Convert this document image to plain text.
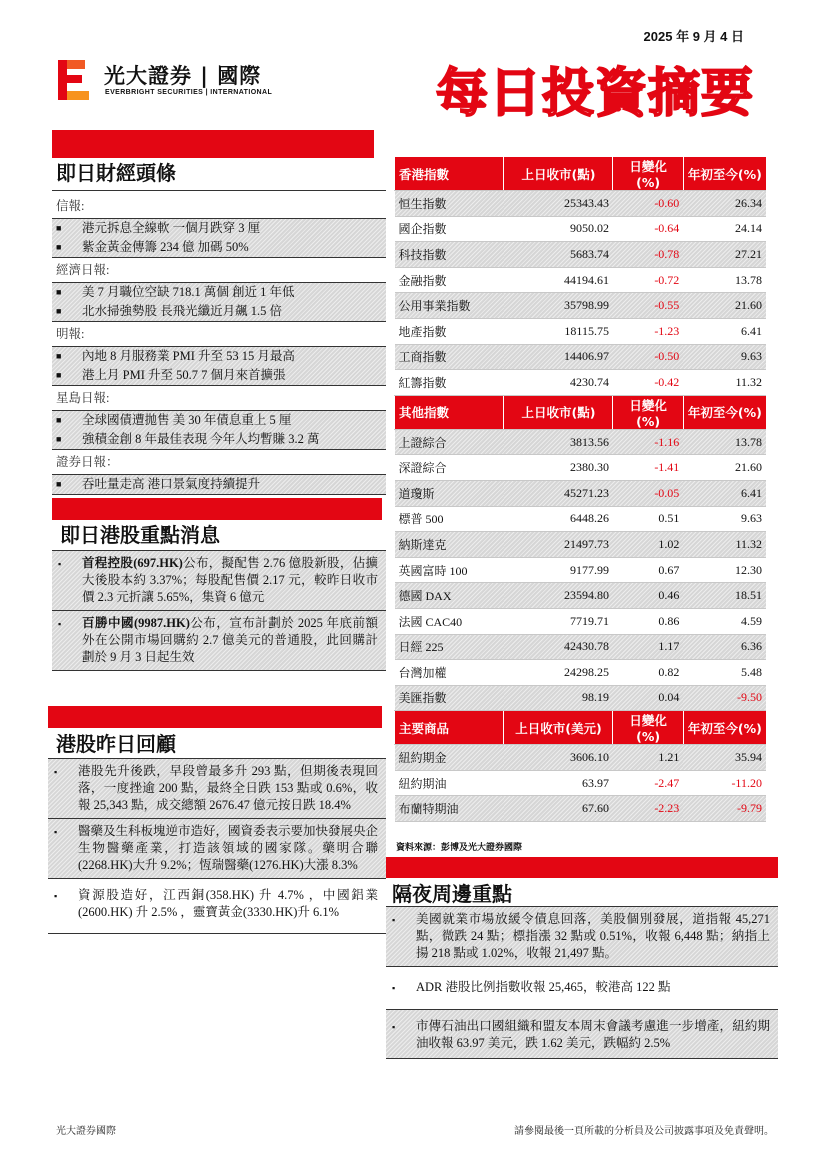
2025 年 9 月 4 日
光大證券 | 國際
EVERBRIGHT SECURITIES | INTERNATIONAL	每日投資摘要
即日財經頭條
信報:
■	港元拆息全線軟 一個月跌穿 3 厘
■	紫金黃金傳籌 234 億 加碼 50%
經濟日報:
■	美 7 月職位空缺 718.1 萬個 創近 1 年低
■	北水掃強勢股 長飛光纖近月飆 1.5 倍
明報:
■	內地 8 月服務業 PMI 升至 53 15 月最高
■	港上月 PMI 升至 50.7 7 個月來首擴張
星島日報:
■	全球國債遭拋售 美 30 年債息重上 5 厘
■	強積金創 8 年最佳表現 今年人均暫賺 3.2 萬
證券日報：
■	吞吐量走高 港口景氣度持續提升
即日港股重點消息
▪	首程控股(697.HK)公布，擬配售 2.76 億股新股，佔擴大後股本約 3.37%；每股配售價 2.17 元，較昨日收市價 2.3 元折讓 5.65%，集資 6 億元
▪	百勝中國(9987.HK)公布，宣布計劃於 2025 年底前額外在公開市場回購約 2.7 億美元的普通股，此回購計劃於 9 月 3 日起生效
港股昨日回顧
▪	港股先升後跌，早段曾最多升 293 點，但期後表現回落，一度挫逾 200 點，最終全日跌 153 點或 0.6%，收報 25,343 點，成交總額 2676.47 億元按日跌 18.4%
▪	醫藥及生科板塊逆市造好，國資委表示要加快發展央企生物醫藥產業，打造該領域的國家隊。藥明合聯(2268.HK)大升 9.2%；恆瑞醫藥(1276.HK)大漲 8.3%
▪	資源股造好，江西銅(358.HK) 升 4.7% ，中國鋁業(2600.HK) 升 2.5% ，靈寶黃金(3330.HK)升 6.1%
香港指數	上日收市(點)	日變化(%)	年初至今(%)
恒生指數	25343.43	-0.60	26.34
國企指數	9050.02	-0.64	24.14
科技指數	5683.74	-0.78	27.21
金融指數	44194.61	-0.72	13.78
公用事業指數	35798.99	-0.55	21.60
地產指數	18115.75	-1.23	6.41
工商指數	14406.97	-0.50	9.63
紅籌指數	4230.74	-0.42	11.32
其他指數	上日收市(點)	日變化(%)	年初至今(%)
上證綜合	3813.56	-1.16	13.78
深證綜合	2380.30	-1.41	21.60
道瓊斯	45271.23	-0.05	6.41
標普 500	6448.26	0.51	9.63
納斯達克	21497.73	1.02	11.32
英國富時 100	9177.99	0.67	12.30
德國 DAX	23594.80	0.46	18.51
法國 CAC40	7719.71	0.86	4.59
日經 225	42430.78	1.17	6.36
台灣加權	24298.25	0.82	5.48
美匯指數	98.19	0.04	-9.50
主要商品	上日收市(美元)	日變化(%)	年初至今(%)
紐約期金	3606.10	1.21	35.94
紐約期油	63.97	-2.47	-11.20
布蘭特期油	67.60	-2.23	-9.79
資料來源：彭博及光大證券國際
隔夜周邊重點
▪	美國就業市場放緩令債息回落，美股個別發展，道指報 45,271 點，微跌 24 點；標指漲 32 點或 0.51%，收報 6,448 點；納指上揚 218 點或 1.02%，收報 21,497 點。
▪	ADR 港股比例指數收報 25,465，較港高 122 點
▪	市傳石油出口國組織和盟友本周末會議考慮進一步增產，紐約期油收報 63.97 美元，跌 1.62 美元，跌幅約 2.5%
光大證券國際	請參閱最後一頁所載的分析員及公司披露事項及免責聲明。
